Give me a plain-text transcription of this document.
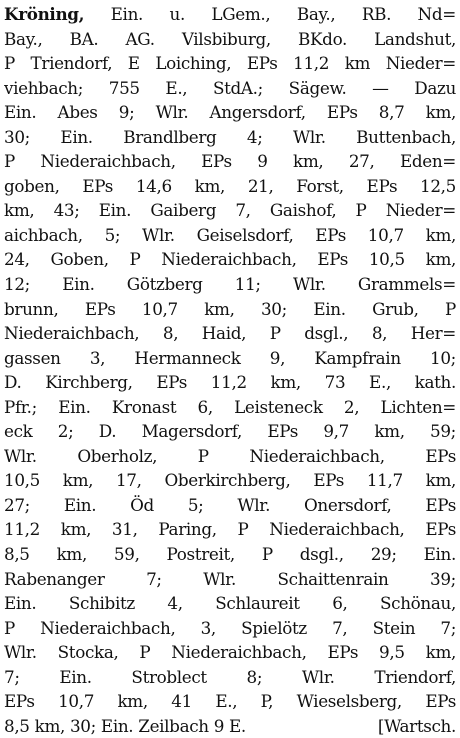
Kröning, Ein. u. LGem., Bay., RB. Nd=
Bay., BA. AG. Vilsbiburg, BKdo. Landshut,
P Triendorf, E Loiching, EPs 11,2 km Nieder=
viehbach; 755 E., StdA.; Sägew. — Dazu
Ein. Abes 9; Wlr. Angersdorf, EPs 8,7 km,
30; Ein. Brandlberg 4; Wlr. Buttenbach,
P Niederaichbach, EPs 9 km, 27, Eden=
goben, EPs 14,6 km, 21, Forst, EPs 12,5
km, 43; Ein. Gaiberg 7, Gaishof, P Nieder=
aichbach, 5; Wlr. Geiselsdorf, EPs 10,7 km,
24, Goben, P Niederaichbach, EPs 10,5 km,
12; Ein. Götzberg 11; Wlr. Grammels=
brunn, EPs 10,7 km, 30; Ein. Grub, P
Niederaichbach, 8, Haid, P dsgl., 8, Her=
gassen 3, Hermanneck 9, Kampfrain 10;
D. Kirchberg, EPs 11,2 km, 73 E., kath.
Pfr.; Ein. Kronast 6, Leisteneck 2, Lichten=
eck 2; D. Magersdorf, EPs 9,7 km, 59;
Wlr. Oberholz, P Niederaichbach, EPs
10,5 km, 17, Oberkirchberg, EPs 11,7 km,
27; Ein. Öd 5; Wlr. Onersdorf, EPs
11,2 km, 31, Paring, P Niederaichbach, EPs
8,5 km, 59, Postreit, P dsgl., 29; Ein.
Rabenanger 7; Wlr. Schaittenrain 39;
Ein. Schibitz 4, Schlaureit 6, Schönau,
P Niederaichbach, 3, Spielötz 7, Stein 7;
Wlr. Stocka, P Niederaichbach, EPs 9,5 km,
7; Ein. Stroblect 8; Wlr. Triendorf,
EPs 10,7 km, 41 E., P, Wieselsberg, EPs
8,5 km, 30; Ein. Zeilbach 9 E.	[Wartsch.
